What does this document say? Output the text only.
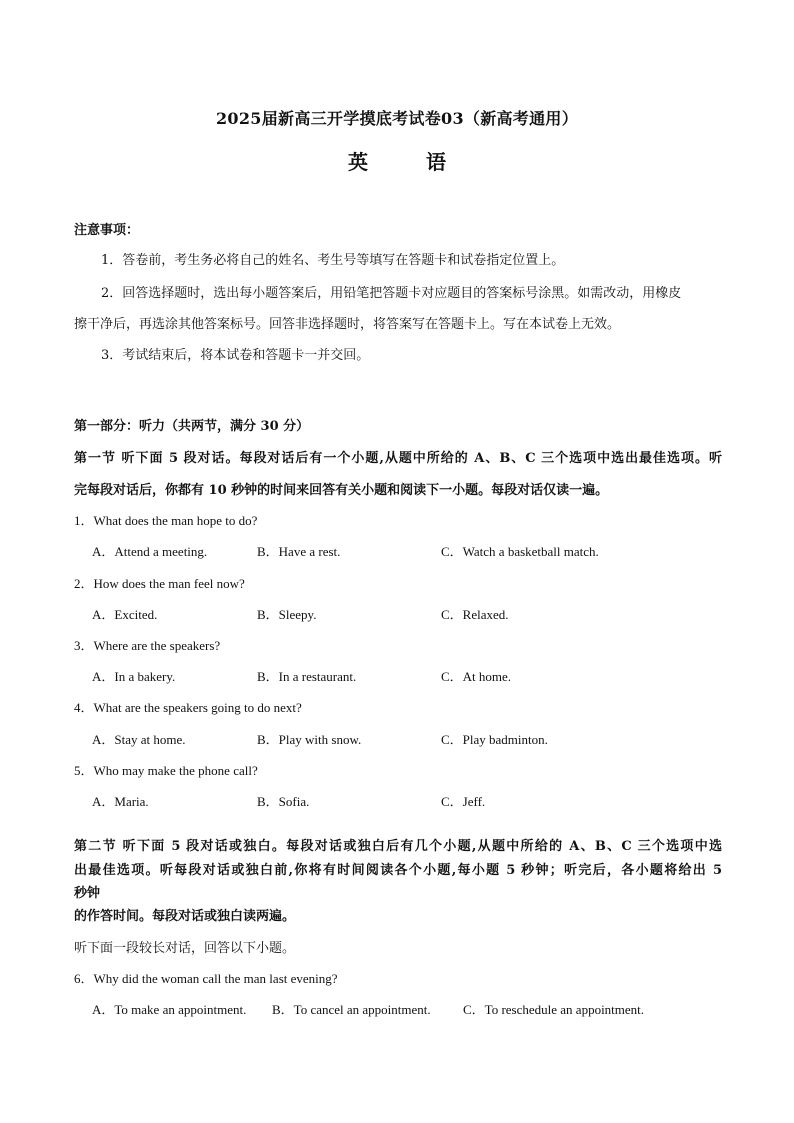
2025届新高三开学摸底考试卷03（新高考通用）
英	语
注意事项：
1．答卷前，考生务必将自己的姓名、考生号等填写在答题卡和试卷指定位置上。
2．回答选择题时，选出每小题答案后，用铅笔把答题卡对应题目的答案标号涂黑。如需改动，用橡皮
擦干净后，再选涂其他答案标号。回答非选择题时，将答案写在答题卡上。写在本试卷上无效。
3．考试结束后，将本试卷和答题卡一并交回。
第一部分：听力（共两节，满分 30 分）
第一节 听下面 5 段对话。每段对话后有一个小题,从题中所给的 A、B、C 三个选项中选出最佳选项。听
完每段对话后，你都有 10 秒钟的时间来回答有关小题和阅读下一小题。每段对话仅读一遍。
1．What does the man hope to do?
A．Attend a meeting.	B．Have a rest.	C．Watch a basketball match.
2．How does the man feel now?
A．Excited.	B．Sleepy.	C．Relaxed.
3．Where are the speakers?
A．In a bakery.	B．In a restaurant.	C．At home.
4．What are the speakers going to do next?
A．Stay at home.	B．Play with snow.	C．Play badminton.
5．Who may make the phone call?
A．Maria.	B．Sofia.	C．Jeff.
第二节 听下面 5 段对话或独白。每段对话或独白后有几个小题,从题中所给的 A、B、C 三个选项中选
出最佳选项。听每段对话或独白前,你将有时间阅读各个小题,每小题 5 秒钟；听完后，各小题将给出 5
秒钟
的作答时间。每段对话或独白读两遍。
听下面一段较长对话，回答以下小题。
6．Why did the woman call the man last evening?
A．To make an appointment. B．To cancel an appointment. C．To reschedule an appointment.
